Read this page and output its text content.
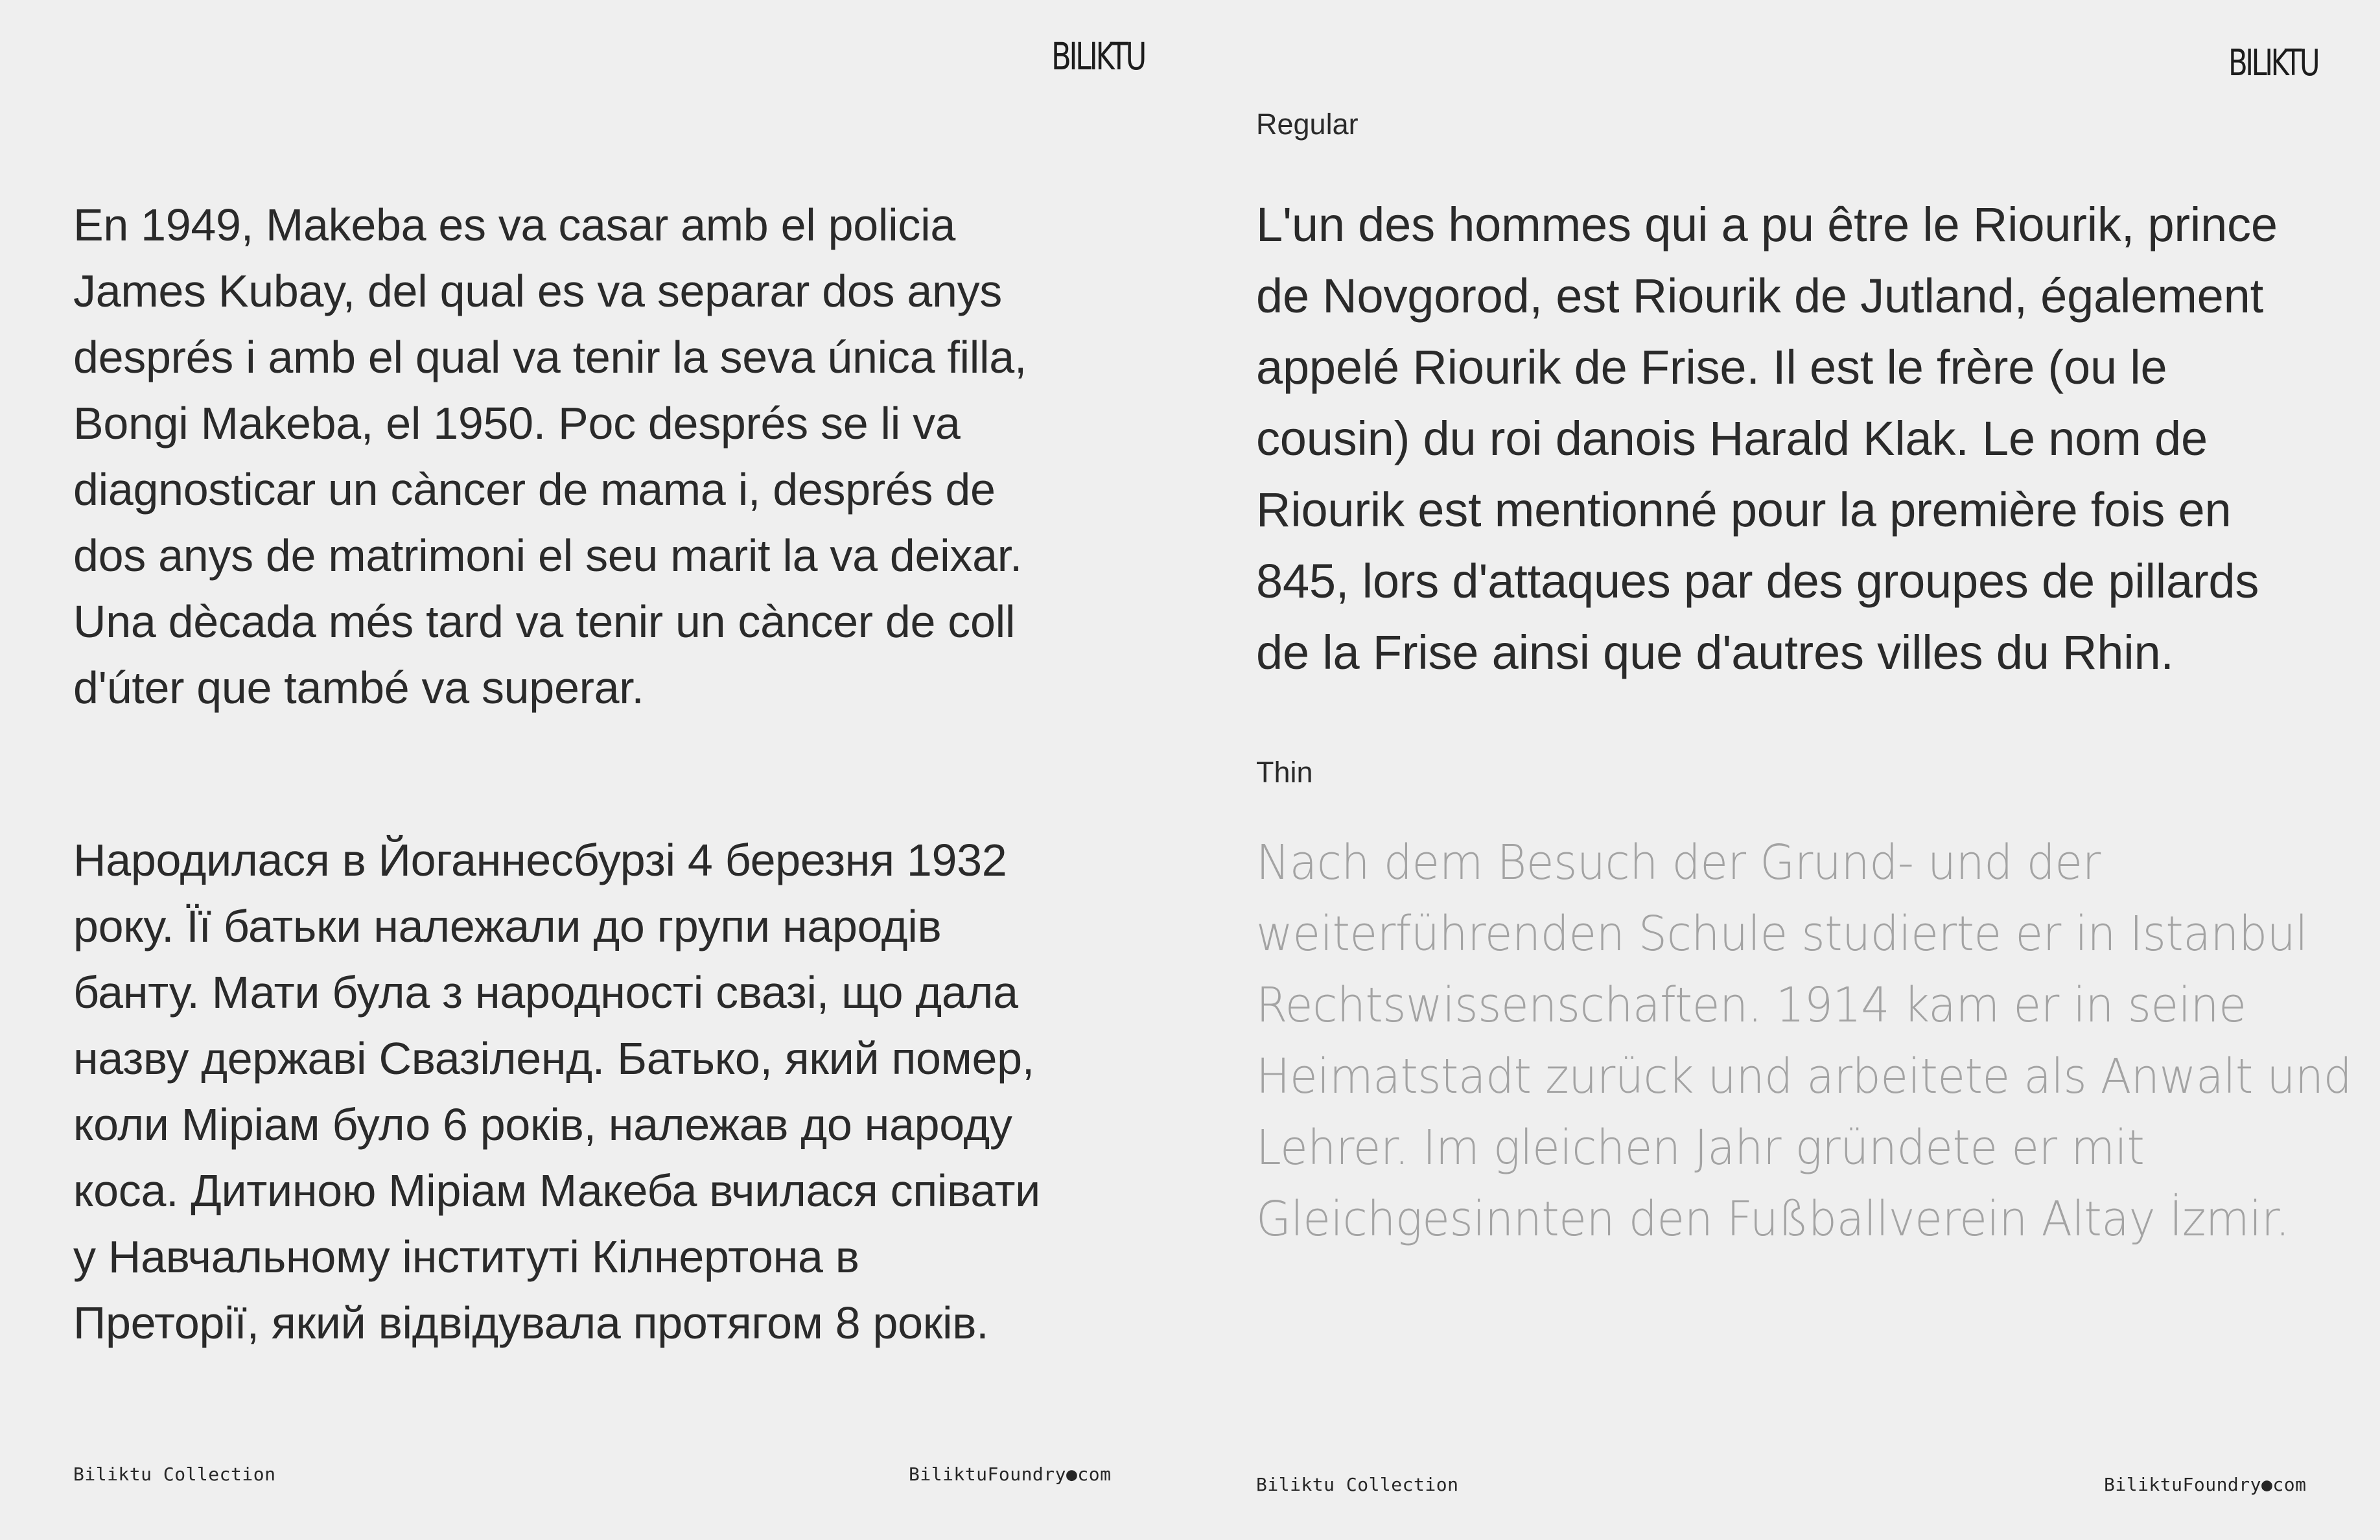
BILIKTU

En 1949, Makeba es va casar amb el policia
James Kubay, del qual es va separar dos anys
després i amb el qual va tenir la seva única filla,
Bongi Makeba, el 1950. Poc després se li va
diagnosticar un càncer de mama i, després de
dos anys de matrimoni el seu marit la va deixar.
Una dècada més tard va tenir un càncer de coll
d'úter que també va superar.

Народилася в Йоганнесбурзі 4 березня 1932
року. Її батьки належали до групи народів
банту. Мати була з народності свазі, що дала
назву державі Свазіленд. Батько, який помер,
коли Міріам було 6 років, належав до народу
коса. Дитиною Міріам Макеба вчилася співати
у Навчальному інституті Кілнертона в
Преторії, який відвідувала протягом 8 років.

Biliktu Collection	BiliktuFoundry●com
BILIKTU
Regular

L'un des hommes qui a pu être le Riourik, prince
de Novgorod, est Riourik de Jutland, également
appelé Riourik de Frise. Il est le frère (ou le
cousin) du roi danois Harald Klak. Le nom de
Riourik est mentionné pour la première fois en
845, lors d'attaques par des groupes de pillards
de la Frise ainsi que d'autres villes du Rhin.

Thin

Nach dem Besuch der Grund- und der
weiterführenden Schule studierte er in Istanbul
Rechtswissenschaften. 1914 kam er in seine
Heimatstadt zurück und arbeitete als Anwalt und
Lehrer. Im gleichen Jahr gründete er mit
Gleichgesinnten den Fußballverein Altay İzmir.

Biliktu Collection	BiliktuFoundry●com
